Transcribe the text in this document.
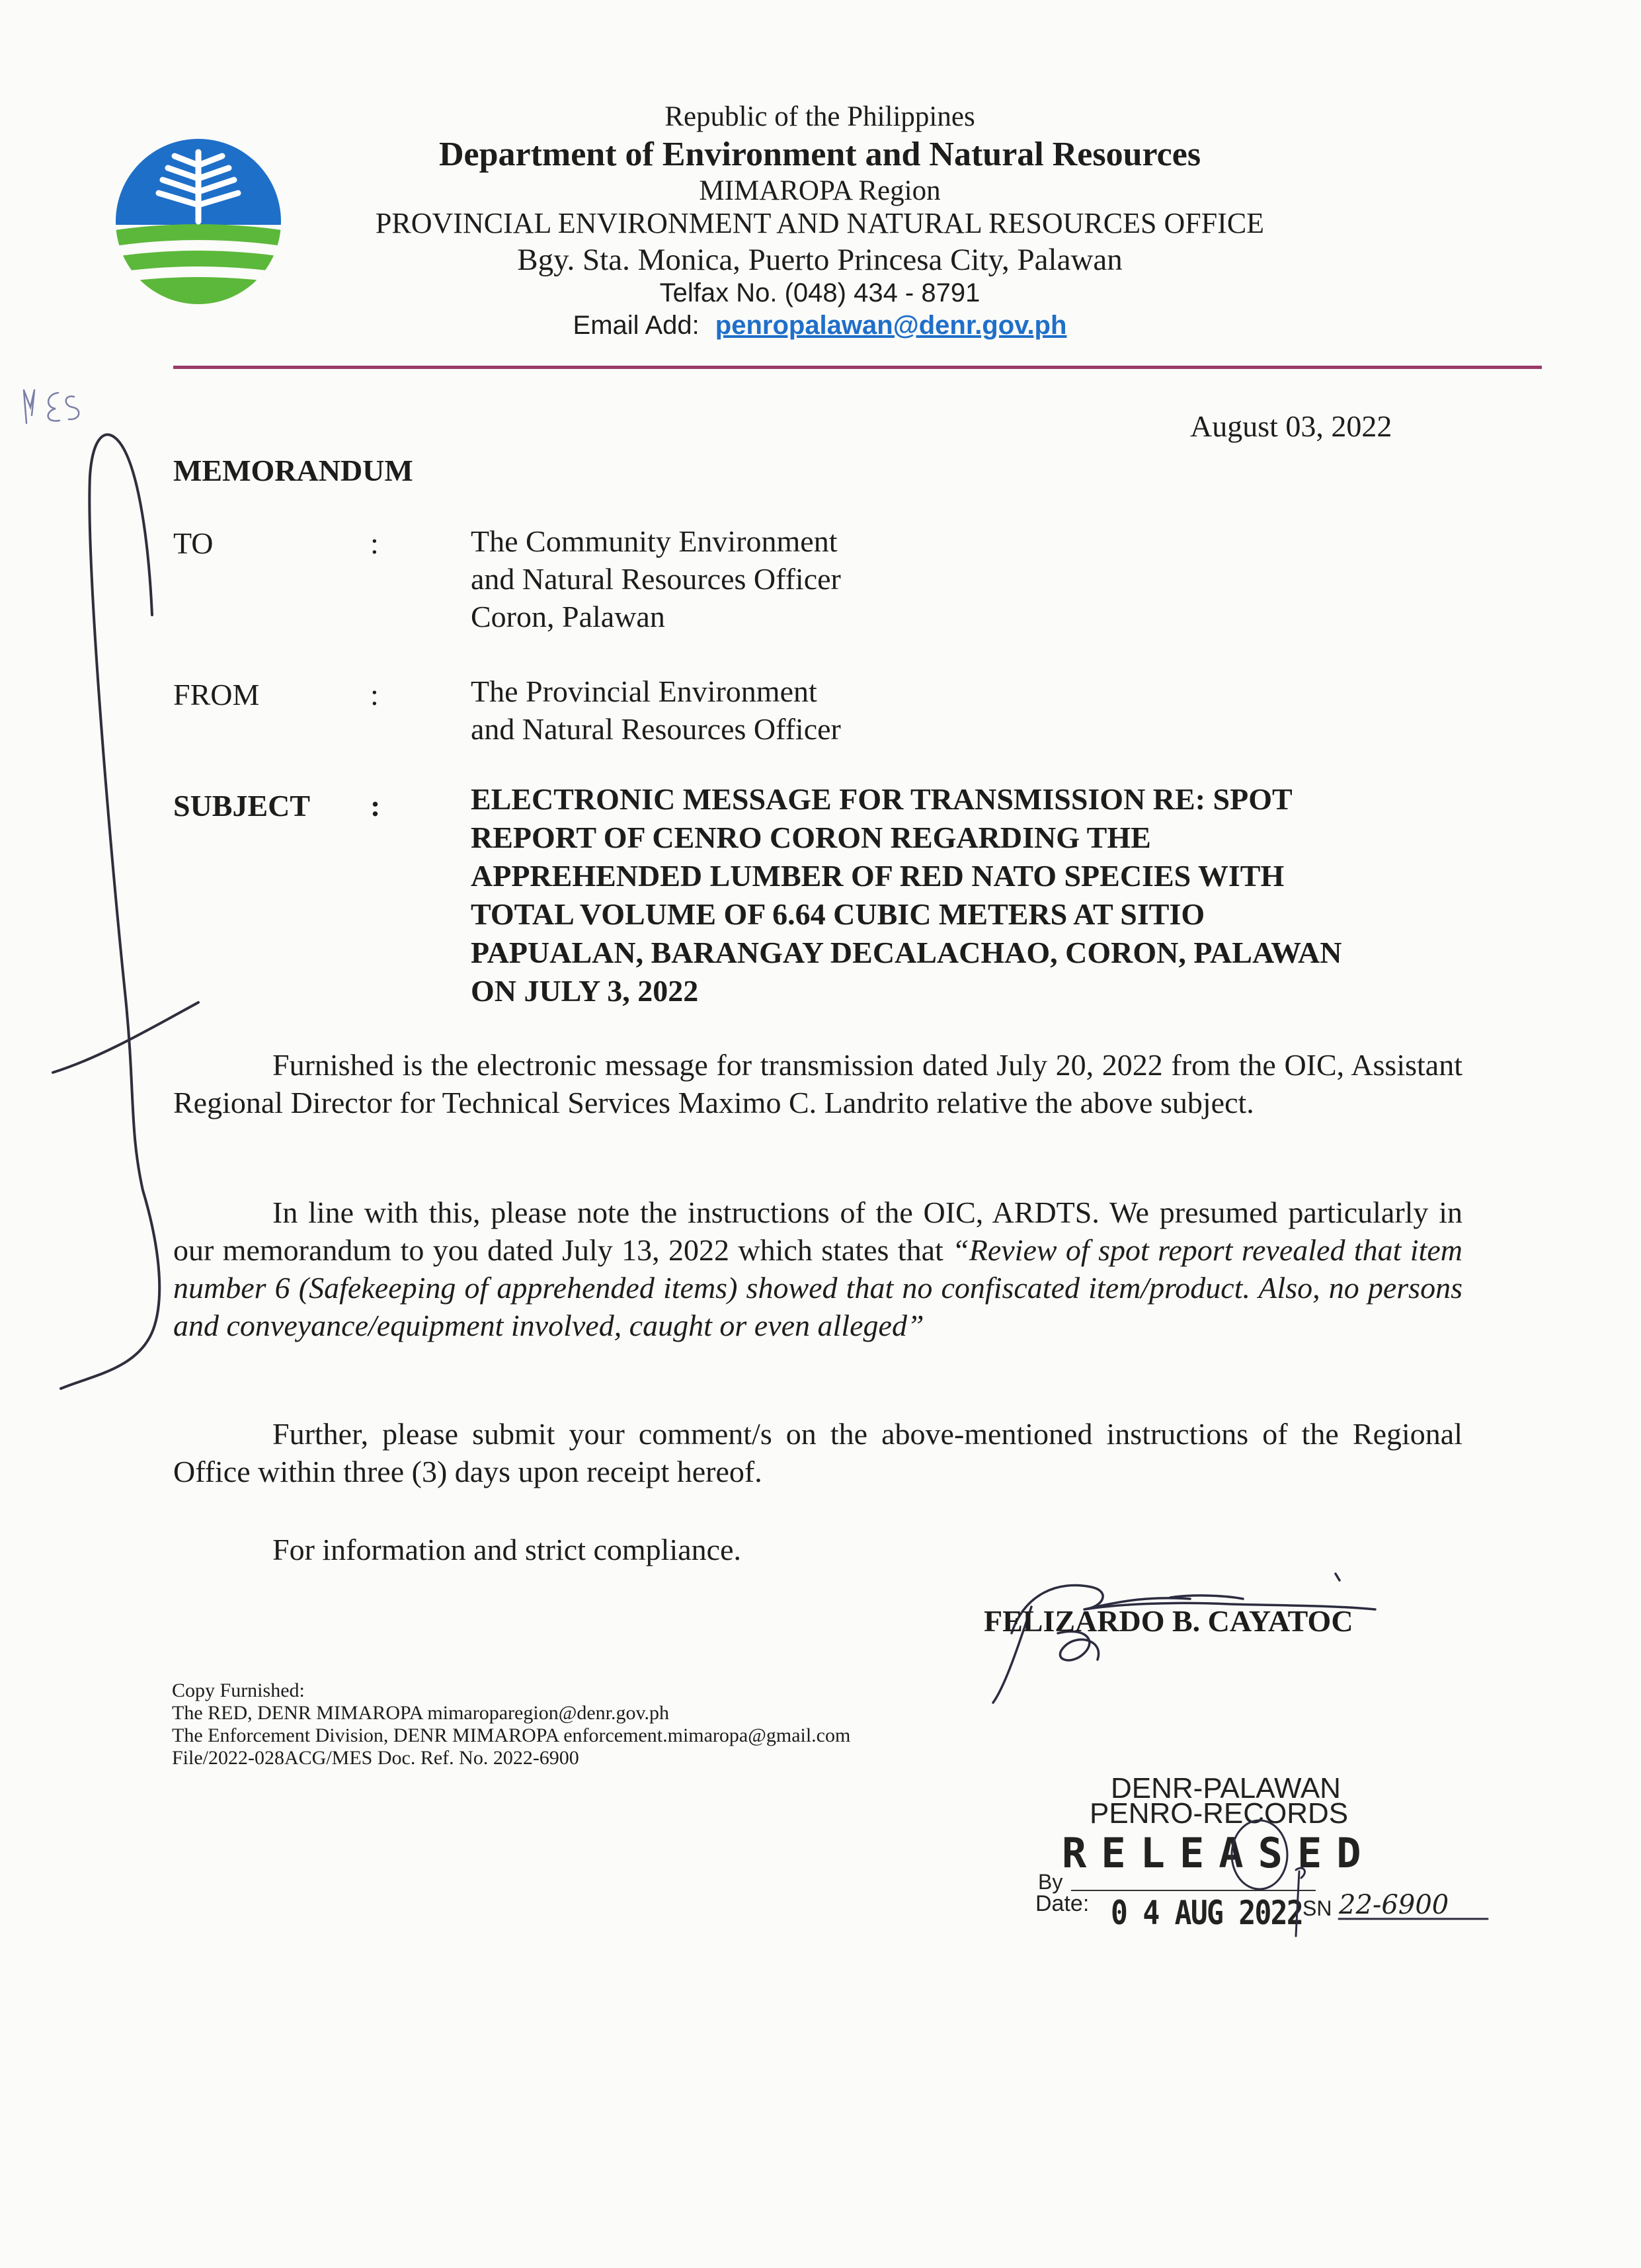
Republic of the Philippines
Department of Environment and Natural Resources
MIMAROPA Region
PROVINCIAL ENVIRONMENT AND NATURAL RESOURCES OFFICE
Bgy. Sta. Monica, Puerto Princesa City, Palawan
Telfax No. (048) 434 - 8791
Email Add: penropalawan@denr.gov.ph
August 03, 2022
MEMORANDUM
TO	:	The Community Environment
and Natural Resources Officer
Coron, Palawan
FROM	:	The Provincial Environment
and Natural Resources Officer
SUBJECT :	ELECTRONIC MESSAGE FOR TRANSMISSION RE: SPOT
REPORT OF CENRO CORON REGARDING THE
APPREHENDED LUMBER OF RED NATO SPECIES WITH
TOTAL VOLUME OF 6.64 CUBIC METERS AT SITIO
PAPUALAN, BARANGAY DECALACHAO, CORON, PALAWAN
ON JULY 3, 2022

Furnished is the electronic message for transmission dated July 20, 2022 from the OIC, Assistant Regional Director for Technical Services Maximo C. Landrito relative the above subject.

In line with this, please note the instructions of the OIC, ARDTS. We presumed particularly in our memorandum to you dated July 13, 2022 which states that “Review of spot report revealed that item number 6 (Safekeeping of apprehended items) showed that no confiscated item/product. Also, no persons and conveyance/equipment involved, caught or even alleged”

Further, please submit your comment/s on the above-mentioned instructions of the Regional Office within three (3) days upon receipt hereof.

For information and strict compliance.

FELIZARDO B. CAYATOC
Copy Furnished:
The RED, DENR MIMAROPA mimaroparegion@denr.gov.ph
The Enforcement Division, DENR MIMAROPA enforcement.mimaropa@gmail.com
File/2022-028ACG/MES Doc. Ref. No. 2022-6900
DENR-PALAWAN
PENRO-RECORDS
RELEASED
By
Date: 0 4 AUG 2022 SN 22-6900
